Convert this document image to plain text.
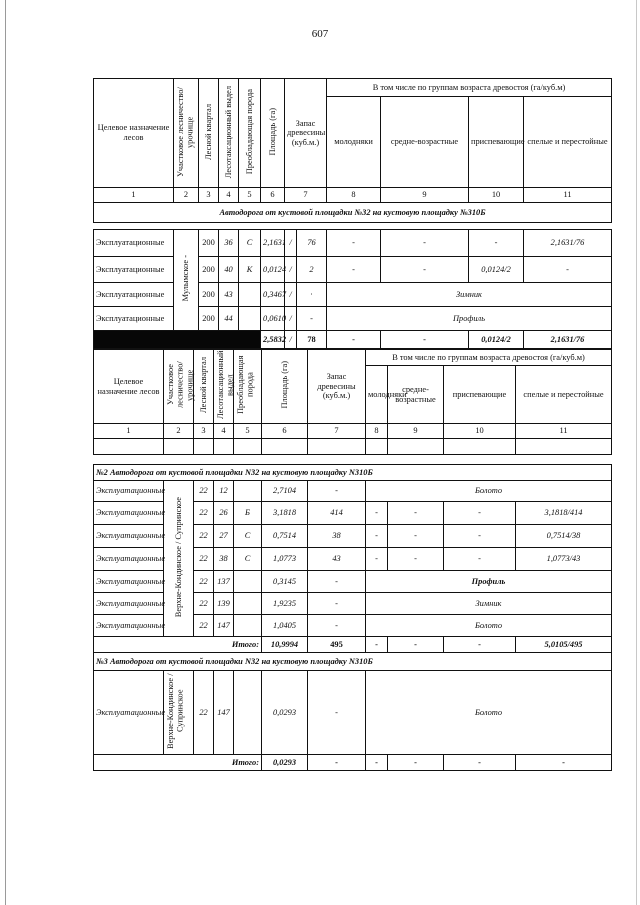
607
Целевое назначение лесов	Участковое лесничество/урочище	Лесной квартал	Лесотаксационный выдел	Преобладающая порода	Площадь (га)	Запас древесины (куб.м.)		В том числе по группам возраста древостоя (га/куб.м)			
								молодняки	средне-возрастные	приспевающие	спелые и перестойные
1	2	3	4	5	6	7		8	9	10	11
Автодорога от кустовой площадки №32 на кустовую площадку №310Б											

Эксплуатационные	Мулымское -	200	36	С	2,1631	/	76	-	-	-	2,1631/76
Эксплуатационные		200	40	К	0,0124	/	2	-	-	0,0124/2	-
Эксплуатационные		200	43		0,3467	/	·	Зимник			
Эксплуатационные		200	44		0,0610	/	-	Профиль			
					2,5832	/	78	-	-	0,0124/2	2,1631/76
Целевое назначение лесов	Участковое лесничество/урочище	Лесной квартал	Лесотаксационный выдел	Преобладающая порода	Площадь (га)	Запас древесины (куб.м.)	В том числе по группам возраста древостоя (га/куб.м)			
							молодняки	средне-возрастные	приспевающие	спелые и перестойные
1	2	3	4	5	6	7	8	9	10	11

№2 Автодорога от кустовой площадки N32 на кустовую площадку N310Б										
Эксплуатационные	Верхне-Кондинское / Супринское	22	12		2,7104	-	Болото			
Эксплуатационные		22	26	Б	3,1818	414	-	-	-	3,1818/414
Эксплуатационные		22	27	С	0,7514	38	-	-	-	0,7514/38
Эксплуатационные		22	38	С	1,0773	43	-	-	-	1,0773/43
Эксплуатационные		22	137		0,3145	-	Профиль			
Эксплуатационные		22	139		1,9235	-	Зимник			
Эксплуатационные		22	147		1,0405	-	Болото			
Итого:					10,9994	495	-	-	-	5,0105/495
№3 Автодорога от кустовой площадки N32 на кустовую площадку N310Б										
Эксплуатационные	Верхне-Кондинское / Супринское	22	147		0,0293	-	Болото			
Итого:					0,0293	-	-	-	-	-
